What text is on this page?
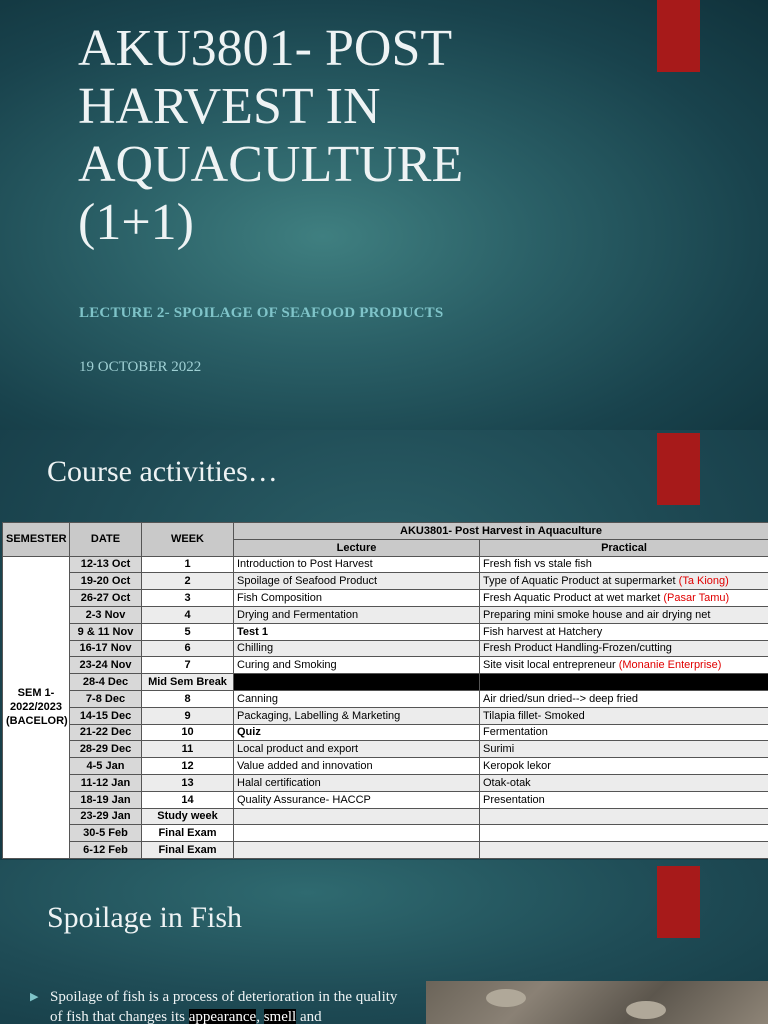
AKU3801- POST HARVEST IN AQUACULTURE (1+1)
LECTURE 2- SPOILAGE OF SEAFOOD PRODUCTS
19 OCTOBER 2022
Course activities…
SEMESTER	DATE	WEEK	AKU3801- Post Harvest in Aquaculture	
			Lecture	Practical
SEM 1-2022/2023 (BACELOR)	12-13 Oct	1	Introduction to Post Harvest	Fresh fish vs stale fish
	19-20 Oct	2	Spoilage of Seafood Product	Type of Aquatic Product at supermarket (Ta Kiong)
	26-27 Oct	3	Fish Composition	Fresh Aquatic Product at wet market (Pasar Tamu)
	2-3 Nov	4	Drying and Fermentation	Preparing mini smoke house and air drying net
	9 & 11 Nov	5	Test 1	Fish harvest at Hatchery
	16-17 Nov	6	Chilling	Fresh Product Handling-Frozen/cutting
	23-24 Nov	7	Curing and Smoking	Site visit local entrepreneur (Monanie Enterprise)
	28-4 Dec	Mid Sem Break		
	7-8 Dec	8	Canning	Air dried/sun dried--> deep fried
	14-15 Dec	9	Packaging, Labelling & Marketing	Tilapia fillet- Smoked
	21-22 Dec	10	Quiz	Fermentation
	28-29 Dec	11	Local product and export	Surimi
	4-5 Jan	12	Value added and innovation	Keropok lekor
	11-12 Jan	13	Halal certification	Otak-otak
	18-19 Jan	14	Quality Assurance- HACCP	Presentation
	23-29 Jan	Study week		
	30-5 Feb	Final Exam		
	6-12 Feb	Final Exam		
Spoilage in Fish
▶ Spoilage of fish is a process of deterioration in the quality of fish that changes its appearance, smell and
